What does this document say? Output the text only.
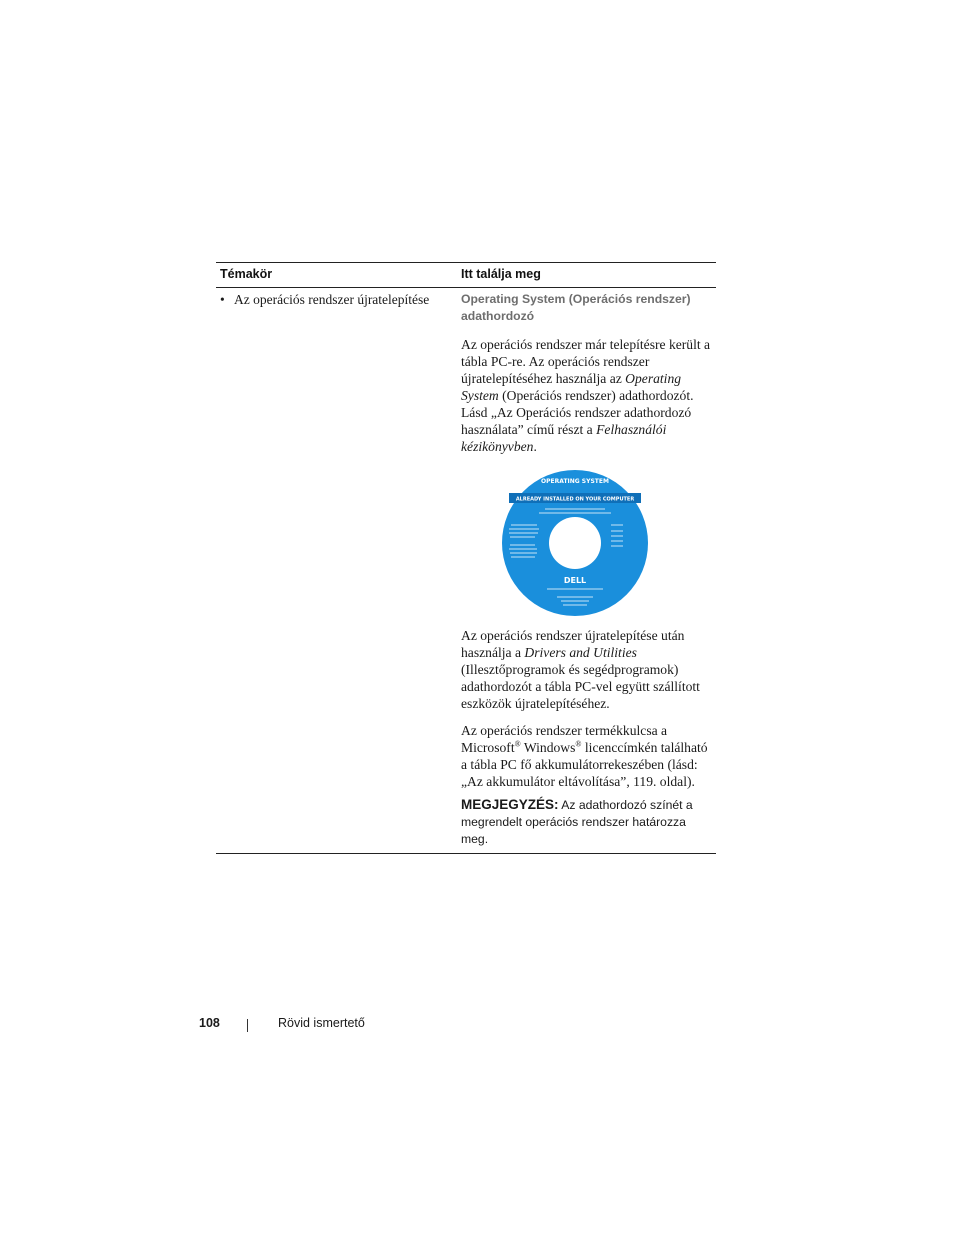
Témakör	Itt találja meg
• Az operációs rendszer újratelepítése	Operating System (Operációs rendszer) adathordozó

Az operációs rendszer már telepítésre került a tábla PC-re. Az operációs rendszer újratelepítéséhez használja az Operating System (Operációs rendszer) adathordozót. Lásd „Az Operációs rendszer adathordozó használata” című részt a Felhasználói kézikönyvben.

OPERATING SYSTEM
ALREADY INSTALLED ON YOUR COMPUTER
DELL

Az operációs rendszer újratelepítése után használja a Drivers and Utilities (Illesztőprogramok és segédprogramok) adathordozót a tábla PC-vel együtt szállított eszközök újratelepítéséhez.

Az operációs rendszer termékkulcsa a Microsoft® Windows® licenccímkén található a tábla PC fő akkumulátorrekeszében (lásd: „Az akkumulátor eltávolítása”, 119. oldal).

MEGJEGYZÉS: Az adathordozó színét a megrendelt operációs rendszer határozza meg.

108	Rövid ismertető
